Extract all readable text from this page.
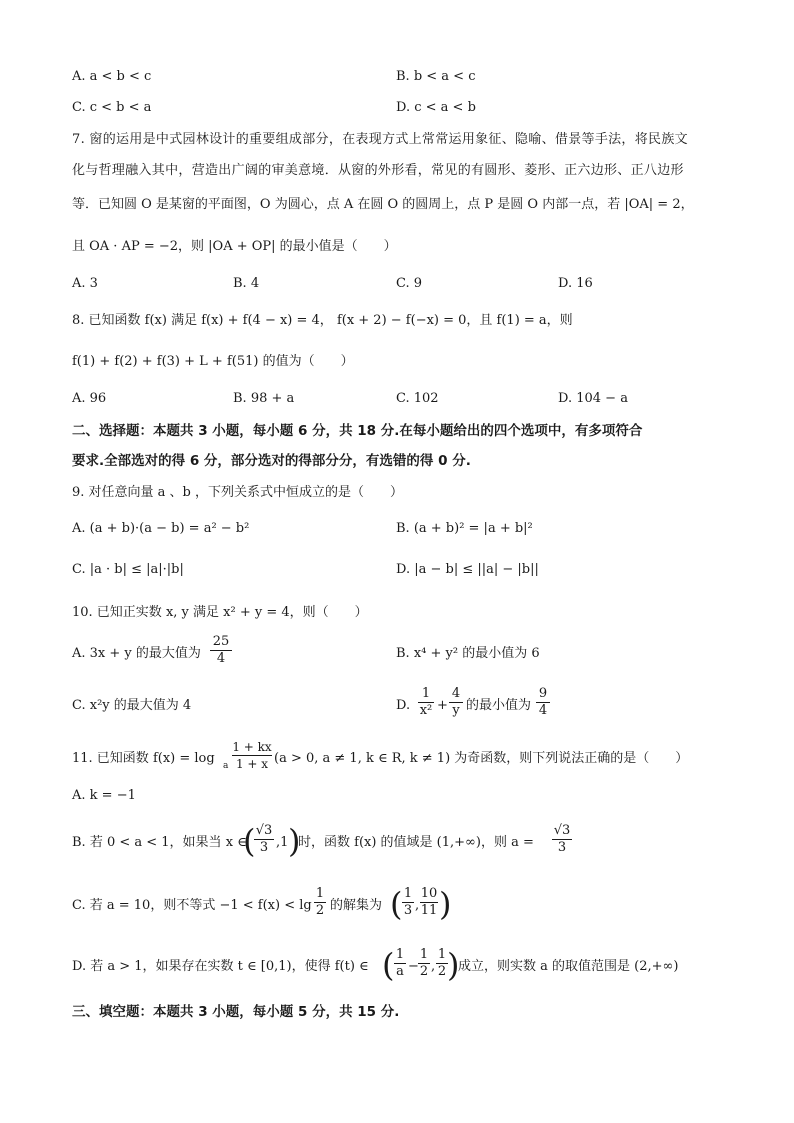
A. a < b < c	B. b < a < c
C. c < b < a	D. c < a < b
7. 窗的运用是中式园林设计的重要组成部分，在表现方式上常常运用象征、隐喻、借景等手法，将民族文
化与哲理融入其中，营造出广阔的审美意境．从窗的外形看，常见的有圆形、菱形、正六边形、正八边形
等．已知圆 O 是某窗的平面图，O 为圆心，点 A 在圆 O 的圆周上，点 P 是圆 O 内部一点，若 |OA| = 2，
且 OA · AP = −2，则 |OA + OP| 的最小值是（　　）
A. 3	B. 4	C. 9	D. 16
8. 已知函数 f(x) 满足 f(x) + f(4 − x) = 4， f(x + 2) − f(−x) = 0，且 f(1) = a，则
f(1) + f(2) + f(3) + L + f(51) 的值为（　　）
A. 96	B. 98 + a	C. 102	D. 104 − a
二、选择题：本题共 3 小题，每小题 6 分，共 18 分.在每小题给出的四个选项中，有多项符合
要求.全部选对的得 6 分，部分选对的得部分分，有选错的得 0 分.
9. 对任意向量 a 、b ，下列关系式中恒成立的是（　　）
A. (a + b)·(a − b) = a² − b²	B. (a + b)² = |a + b|²
C. |a · b| ≤ |a|·|b|	D. |a − b| ≤ ||a| − |b||
10. 已知正实数 x, y 满足 x² + y = 4，则（　　）
A. 3x + y 的最大值为 $\frac{25}{4}$	B. x⁴ + y² 的最小值为 6
C. x²y 的最大值为 4	D. $\frac{1}{\text{x²}} + \frac{4}{y}$ 的最小值为 $\frac{9}{4}$
11. 已知函数 f(x) = log a $\frac{1 + kx}{1 + x} (a > 0$, a ≠ 1, k ∈ R, k ≠ 1) 为奇函数，则下列说法正确的是（　　）
A. k = −1
B. 若 0 < a < 1，如果当 x ∈
(
$\frac{√3}{3} ,1$ )
时，函数 f(x) 的值域是 (1,+∞)，则 $a = \frac{√3}{3}$
C. 若 a = 10，则不等式 $-1 < f(x) < \lg \frac{1}{2}$ 的解集为 ( $\frac{1}{3}$ , $\frac{10}{11}$ )
D. 若 a > 1，如果存在实数 t ∈ [0,1)，使得 f(t) ∈ ( $\frac{1}{a} - \frac{1}{2}$ , $\frac{1}{2}$ )
成立，则实数 a 的取值范围是 (2,+∞)
三、填空题：本题共 3 小题，每小题 5 分，共 15 分.
